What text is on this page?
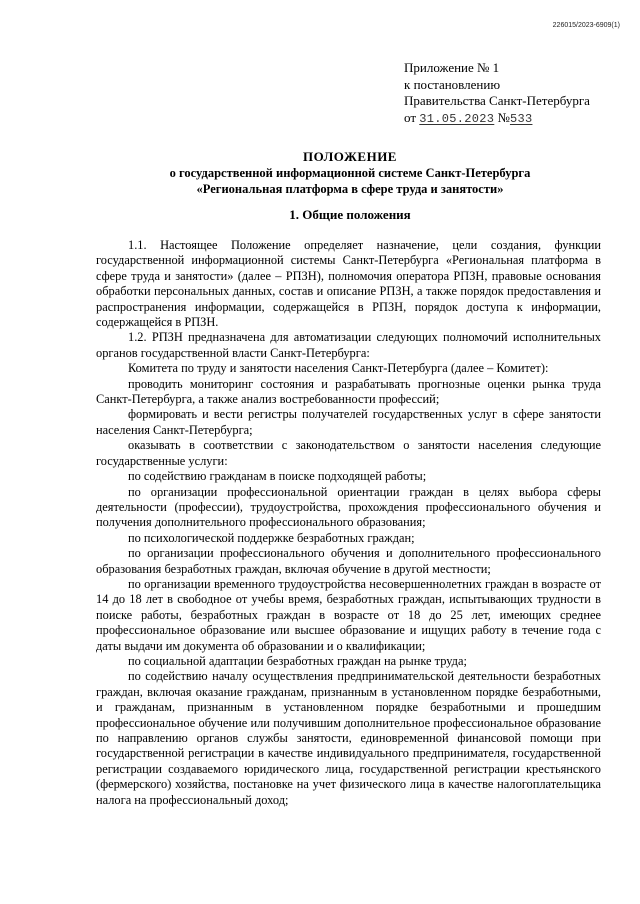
226015/2023-6909(1)
Приложение № 1
к постановлению
Правительства Санкт-Петербурга
от 31.05.2023 №533
ПОЛОЖЕНИЕ
о государственной информационной системе Санкт-Петербурга
«Региональная платформа в сфере труда и занятости»
1. Общие положения

1.1. Настоящее Положение определяет назначение, цели создания, функции государственной информационной системы Санкт-Петербурга «Региональная платформа в сфере труда и занятости» (далее – РПЗН), полномочия оператора РПЗН, правовые основания обработки персональных данных, состав и описание РПЗН, а также порядок предоставления и распространения информации, содержащейся в РПЗН, порядок доступа к информации, содержащейся в РПЗН.

1.2. РПЗН предназначена для автоматизации следующих полномочий исполнительных органов государственной власти Санкт-Петербурга:

Комитета по труду и занятости населения Санкт-Петербурга (далее – Комитет):

проводить мониторинг состояния и разрабатывать прогнозные оценки рынка труда Санкт-Петербурга, а также анализ востребованности профессий;

формировать и вести регистры получателей государственных услуг в сфере занятости населения Санкт-Петербурга;

оказывать в соответствии с законодательством о занятости населения следующие государственные услуги:

по содействию гражданам в поиске подходящей работы;

по организации профессиональной ориентации граждан в целях выбора сферы деятельности (профессии), трудоустройства, прохождения профессионального обучения и получения дополнительного профессионального образования;

по психологической поддержке безработных граждан;

по организации профессионального обучения и дополнительного профессионального образования безработных граждан, включая обучение в другой местности;

по организации временного трудоустройства несовершеннолетних граждан в возрасте от 14 до 18 лет в свободное от учебы время, безработных граждан, испытывающих трудности в поиске работы, безработных граждан в возрасте от 18 до 25 лет, имеющих среднее профессиональное образование или высшее образование и ищущих работу в течение года с даты выдачи им документа об образовании и о квалификации;

по социальной адаптации безработных граждан на рынке труда;

по содействию началу осуществления предпринимательской деятельности безработных граждан, включая оказание гражданам, признанным в установленном порядке безработными, и гражданам, признанным в установленном порядке безработными и прошедшим профессиональное обучение или получившим дополнительное профессиональное образование по направлению органов службы занятости, единовременной финансовой помощи при государственной регистрации в качестве индивидуального предпринимателя, государственной регистрации создаваемого юридического лица, государственной регистрации крестьянского (фермерского) хозяйства, постановке на учет физического лица в качестве налогоплательщика налога на профессиональный доход;
